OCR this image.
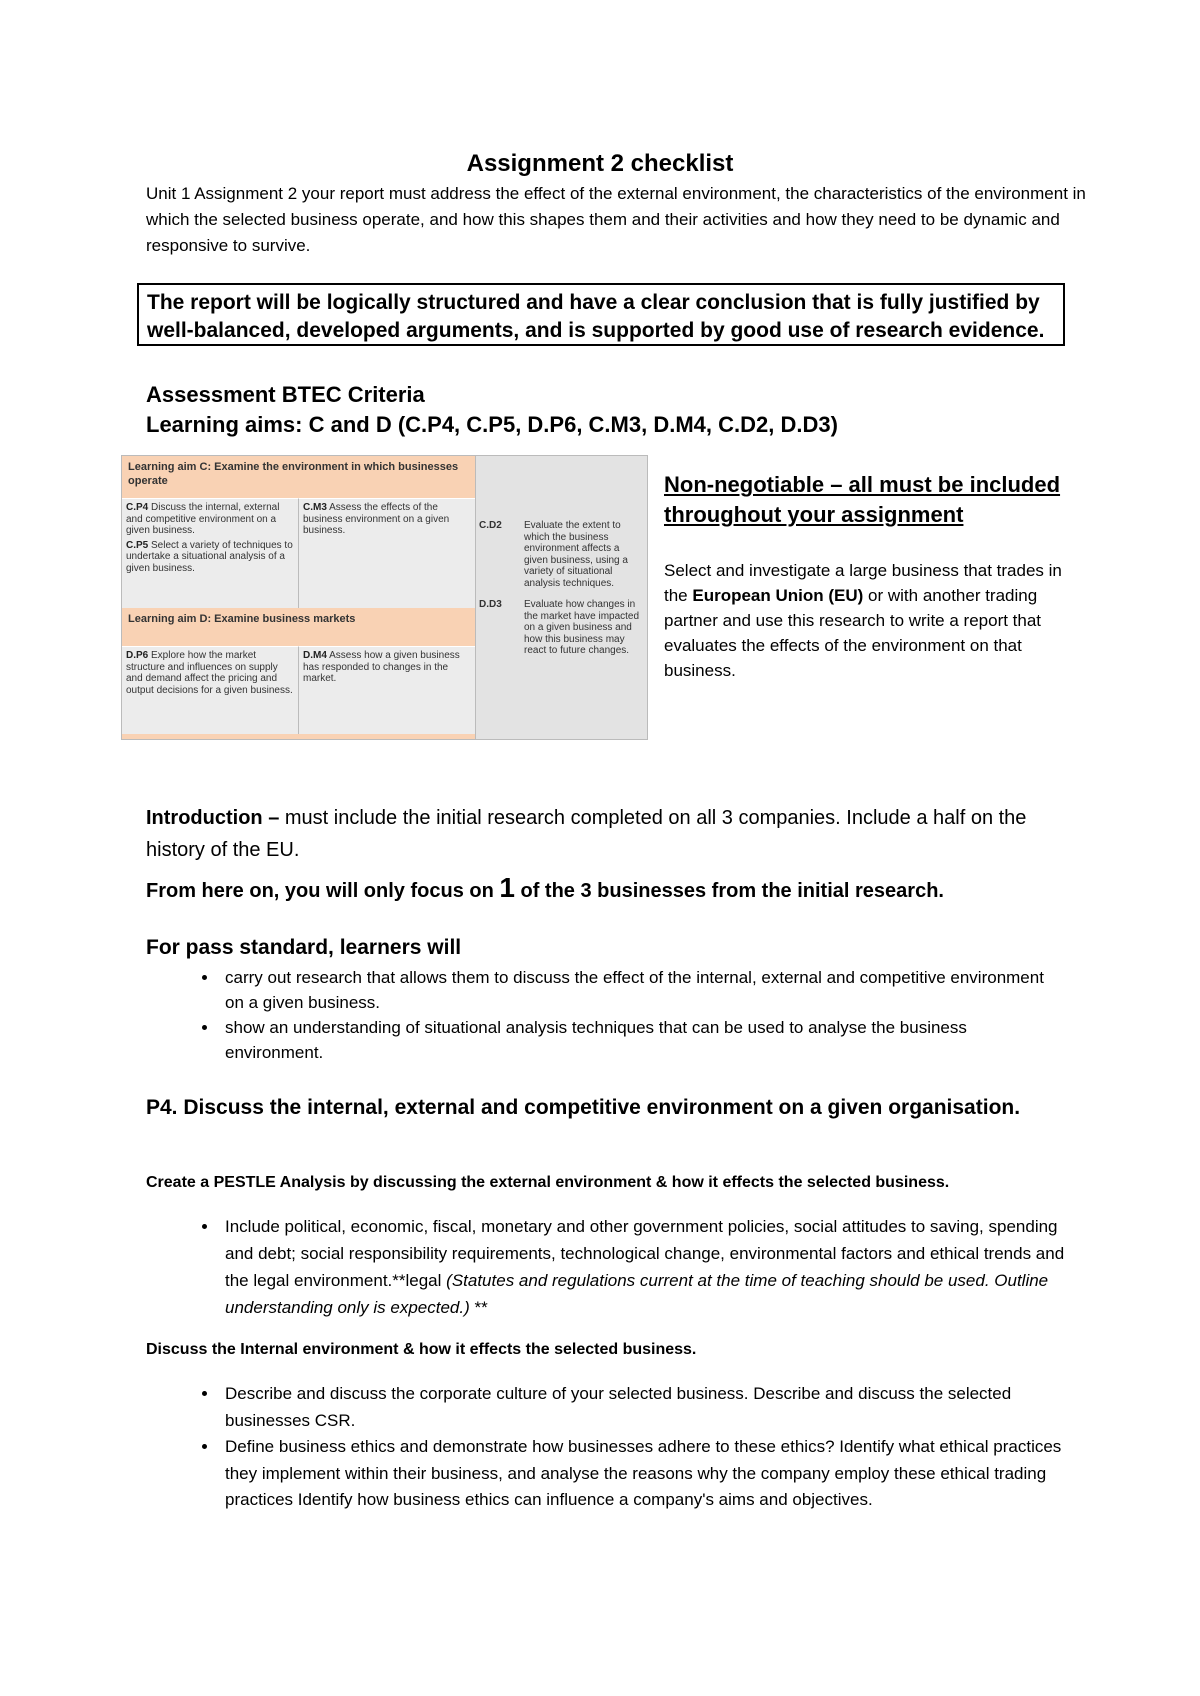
Assignment 2 checklist
Unit 1 Assignment 2 your report must address the effect of the external environment, the characteristics of the environment in which the selected business operate, and how this shapes them and their activities and how they need to be dynamic and responsive to survive.
The report will be logically structured and have a clear conclusion that is fully justified by well-balanced, developed arguments, and is supported by good use of research evidence.
Assessment BTEC Criteria
Learning aims: C and D (C.P4, C.P5, D.P6, C.M3, D.M4, C.D2, D.D3)
Learning aim C: Examine the environment in which businesses operate
C.P4 Discuss the internal, external and competitive environment on a given business.
C.P5 Select a variety of techniques to undertake a situational analysis of a given business.
C.M3 Assess the effects of the business environment on a given business.
Learning aim D: Examine business markets
D.P6 Explore how the market structure and influences on supply and demand affect the pricing and output decisions for a given business.
D.M4 Assess how a given business has responded to changes in the market.
C.D2	Evaluate the extent to which the business environment affects a given business, using a variety of situational analysis techniques.
D.D3	Evaluate how changes in the market have impacted on a given business and how this business may react to future changes.
Non-negotiable – all must be included throughout your assignment
Select and investigate a large business that trades in the European Union (EU) or with another trading partner and use this research to write a report that evaluates the effects of the environment on that business.
Introduction – must include the initial research completed on all 3 companies. Include a half on the history of the EU.
From here on, you will only focus on 1 of the 3 businesses from the initial research.
For pass standard, learners will
• carry out research that allows them to discuss the effect of the internal, external and competitive environment on a given business.
• show an understanding of situational analysis techniques that can be used to analyse the business environment.
P4. Discuss the internal, external and competitive environment on a given organisation.
Create a PESTLE Analysis by discussing the external environment & how it effects the selected business.
• Include political, economic, fiscal, monetary and other government policies, social attitudes to saving, spending and debt; social responsibility requirements, technological change, environmental factors and ethical trends and the legal environment.**legal (Statutes and regulations current at the time of teaching should be used. Outline understanding only is expected.) **
Discuss the Internal environment & how it effects the selected business.
• Describe and discuss the corporate culture of your selected business. Describe and discuss the selected businesses CSR.
• Define business ethics and demonstrate how businesses adhere to these ethics? Identify what ethical practices they implement within their business, and analyse the reasons why the company employ these ethical trading practices Identify how business ethics can influence a company's aims and objectives.
